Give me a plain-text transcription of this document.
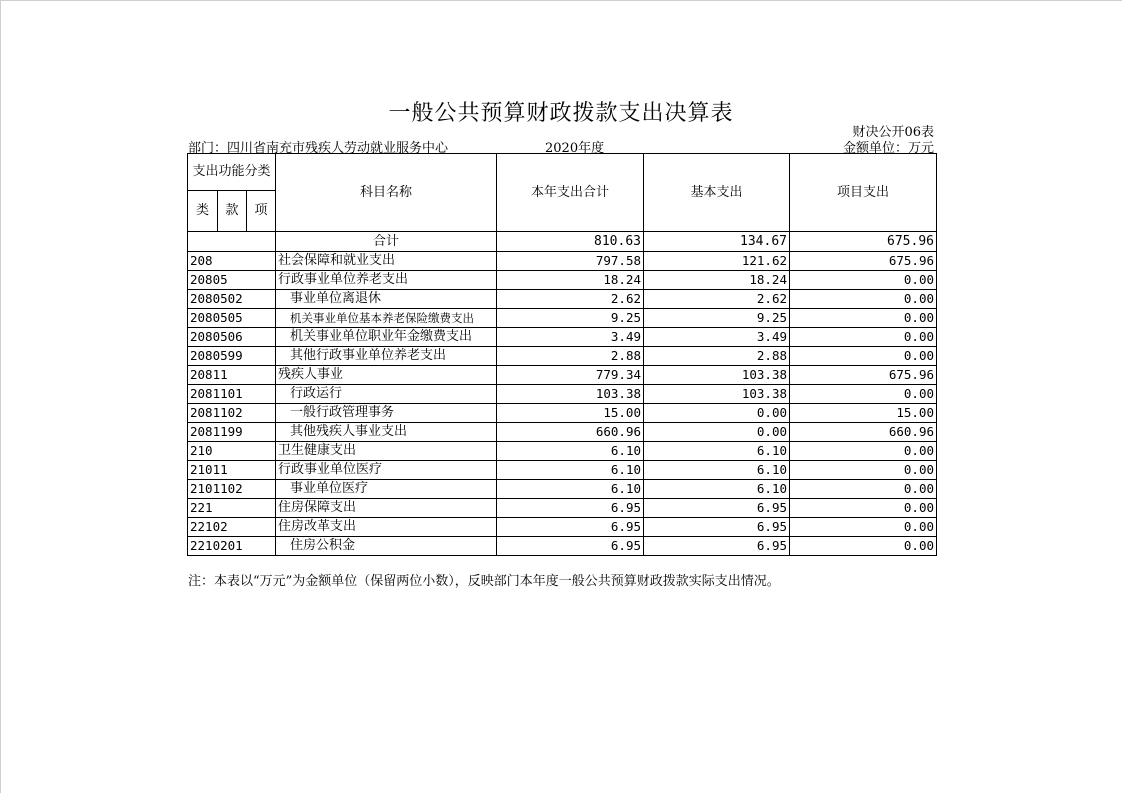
一般公共预算财政拨款支出决算表
财决公开06表
部门：四川省南充市残疾人劳动就业服务中心	2020年度	金额单位：万元
支出功能分类			科目名称	本年支出合计	基本支出	项目支出
类	款	项				
			合计	810.63	134.67	675.96
208			社会保障和就业支出	797.58	121.62	675.96
20805			行政事业单位养老支出	18.24	18.24	0.00
2080502			事业单位离退休	2.62	2.62	0.00
2080505			机关事业单位基本养老保险缴费支出	9.25	9.25	0.00
2080506			机关事业单位职业年金缴费支出	3.49	3.49	0.00
2080599			其他行政事业单位养老支出	2.88	2.88	0.00
20811			残疾人事业	779.34	103.38	675.96
2081101			行政运行	103.38	103.38	0.00
2081102			一般行政管理事务	15.00	0.00	15.00
2081199			其他残疾人事业支出	660.96	0.00	660.96
210			卫生健康支出	6.10	6.10	0.00
21011			行政事业单位医疗	6.10	6.10	0.00
2101102			事业单位医疗	6.10	6.10	0.00
221			住房保障支出	6.95	6.95	0.00
22102			住房改革支出	6.95	6.95	0.00
2210201			住房公积金	6.95	6.95	0.00
注：本表以“万元”为金额单位（保留两位小数），反映部门本年度一般公共预算财政拨款实际支出情况。
